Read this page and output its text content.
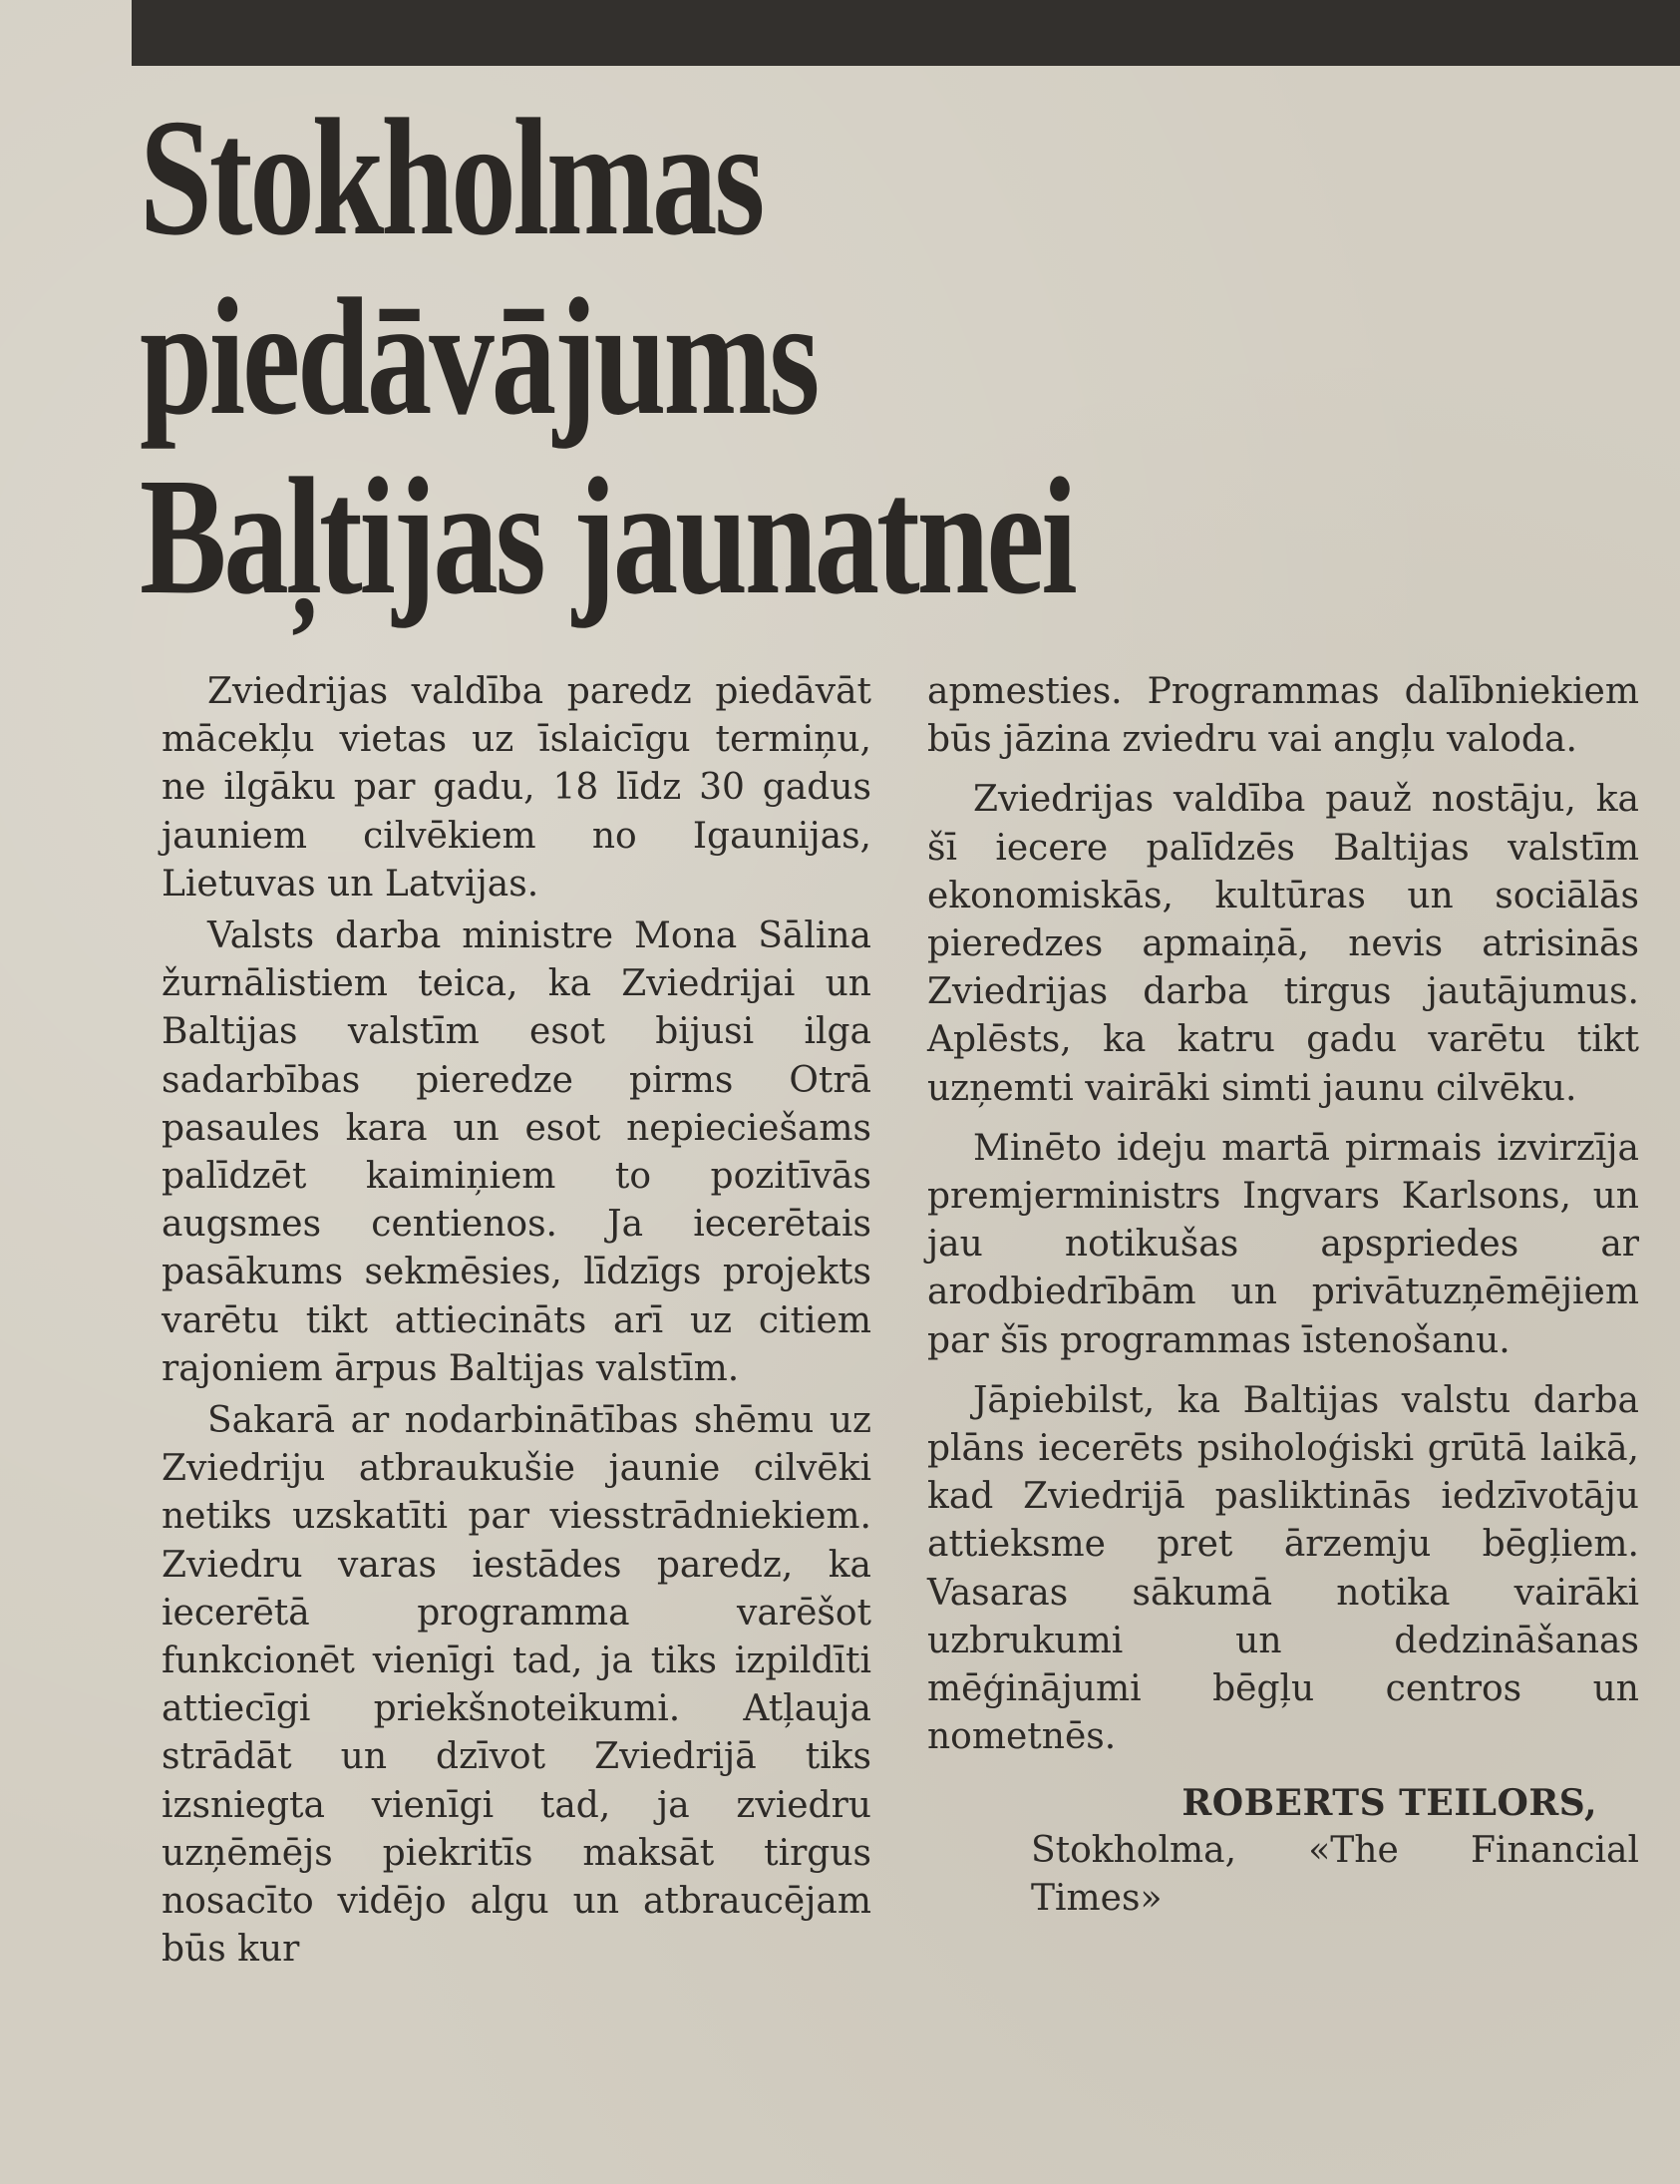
Stokholmas
piedāvājums
Baļtijas jaunatnei

Zviedrijas valdība paredz piedāvāt mācekļu vietas uz īslaicīgu termiņu, ne ilgāku par gadu, 18 līdz 30 gadus jauniem cilvēkiem no Igaunijas, Lietuvas un Latvijas.

Valsts darba ministre Mona Sālina žurnālistiem teica, ka Zviedrijai un Baltijas valstīm esot bijusi ilga sadarbības pieredze pirms Otrā pasaules kara un esot nepieciešams palīdzēt kaimiņiem to pozitīvās augsmes centienos. Ja iecerētais pasākums sekmēsies, līdzīgs projekts varētu tikt attiecināts arī uz citiem rajoniem ārpus Baltijas valstīm.

Sakarā ar nodarbinātības shēmu uz Zviedriju atbraukušie jaunie cilvēki netiks uzskatīti par viesstrādniekiem. Zviedru varas iestādes paredz, ka iecerētā programma varēšot funkcionēt vienīgi tad, ja tiks izpildīti attiecīgi priekšnoteikumi. Atļauja strādāt un dzīvot Zviedrijā tiks izsniegta vienīgi tad, ja zviedru uzņēmējs piekritīs maksāt tirgus nosacīto vidējo algu un atbraucējam būs kur

apmesties. Programmas dalībniekiem būs jāzina zviedru vai angļu valoda.

Zviedrijas valdība pauž nostāju, ka šī iecere palīdzēs Baltijas valstīm ekonomiskās, kultūras un sociālās pieredzes apmaiņā, nevis atrisinās Zviedrijas darba tirgus jautājumus. Aplēsts, ka katru gadu varētu tikt uzņemti vairāki simti jaunu cilvēku.

Minēto ideju martā pirmais izvirzīja premjerministrs Ingvars Karlsons, un jau notikušas apspriedes ar arodbiedrībām un privātuzņēmējiem par šīs programmas īstenošanu.

Jāpiebilst, ka Baltijas valstu darba plāns iecerēts psiholoģiski grūtā laikā, kad Zviedrijā pasliktinās iedzīvotāju attieksme pret ārzemju bēgļiem. Vasaras sākumā notika vairāki uzbrukumi un dedzināšanas mēģinājumi bēgļu centros un nometnēs.

ROBERTS TEILORS,
Stokholma, «The Financial Times»
